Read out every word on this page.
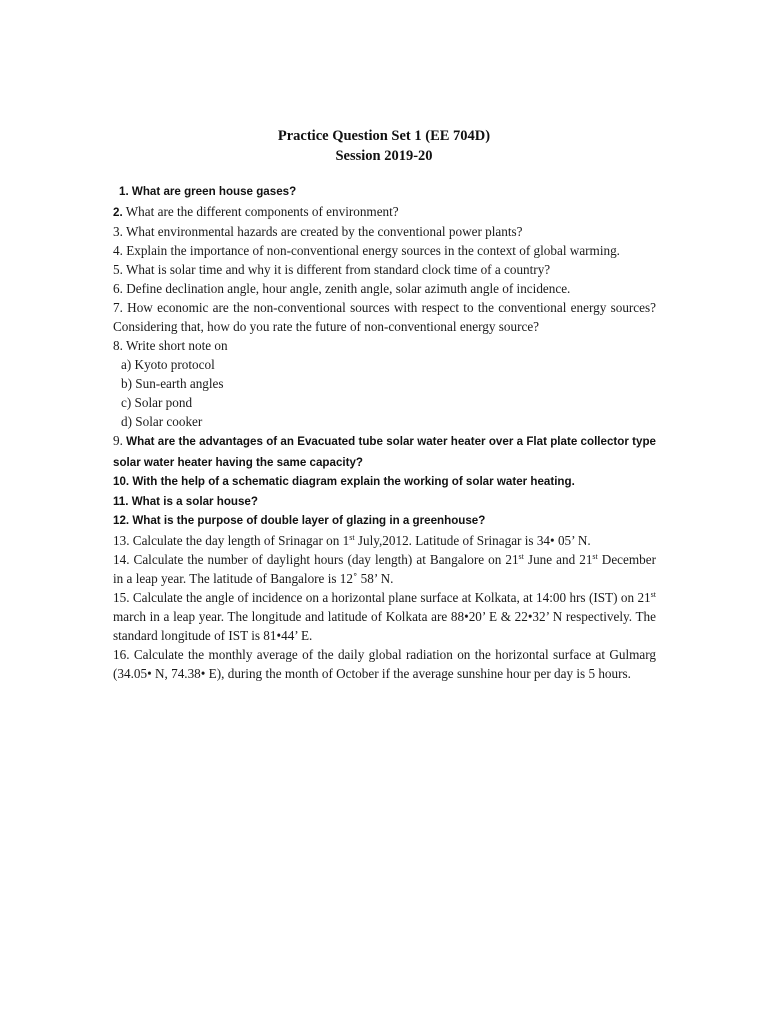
Practice Question Set 1 (EE 704D)
Session 2019-20
1. What are green house gases?
2. What are the different components of environment?
3. What environmental hazards are created by the conventional power plants?
4. Explain the importance of non-conventional energy sources in the context of global warming.
5. What is solar time and why it is different from standard clock time of a country?
6. Define declination angle, hour angle, zenith angle, solar azimuth angle of incidence.
7. How economic are the non-conventional sources with respect to the conventional energy sources? Considering that, how do you rate the future of non-conventional energy source?
8. Write short note on
a) Kyoto protocol
b) Sun-earth angles
c) Solar pond
d) Solar cooker
9. What are the advantages of an Evacuated tube solar water heater over a Flat plate collector type solar water heater having the same capacity?
10. With the help of a schematic diagram explain the working of solar water heating.
11. What is a solar house?
12. What is the purpose of double layer of glazing in a greenhouse?
13. Calculate the day length of Srinagar on 1st July,2012. Latitude of Srinagar is 34• 05’ N.
14. Calculate the number of daylight hours (day length) at Bangalore on 21st June and 21st December in a leap year. The latitude of Bangalore is 12˚ 58’ N.
15. Calculate the angle of incidence on a horizontal plane surface at Kolkata, at 14:00 hrs (IST) on 21st march in a leap year. The longitude and latitude of Kolkata are 88•20’ E & 22•32’ N respectively. The standard longitude of IST is 81•44’ E.
16. Calculate the monthly average of the daily global radiation on the horizontal surface at Gulmarg (34.05• N, 74.38• E), during the month of October if the average sunshine hour per day is 5 hours.
